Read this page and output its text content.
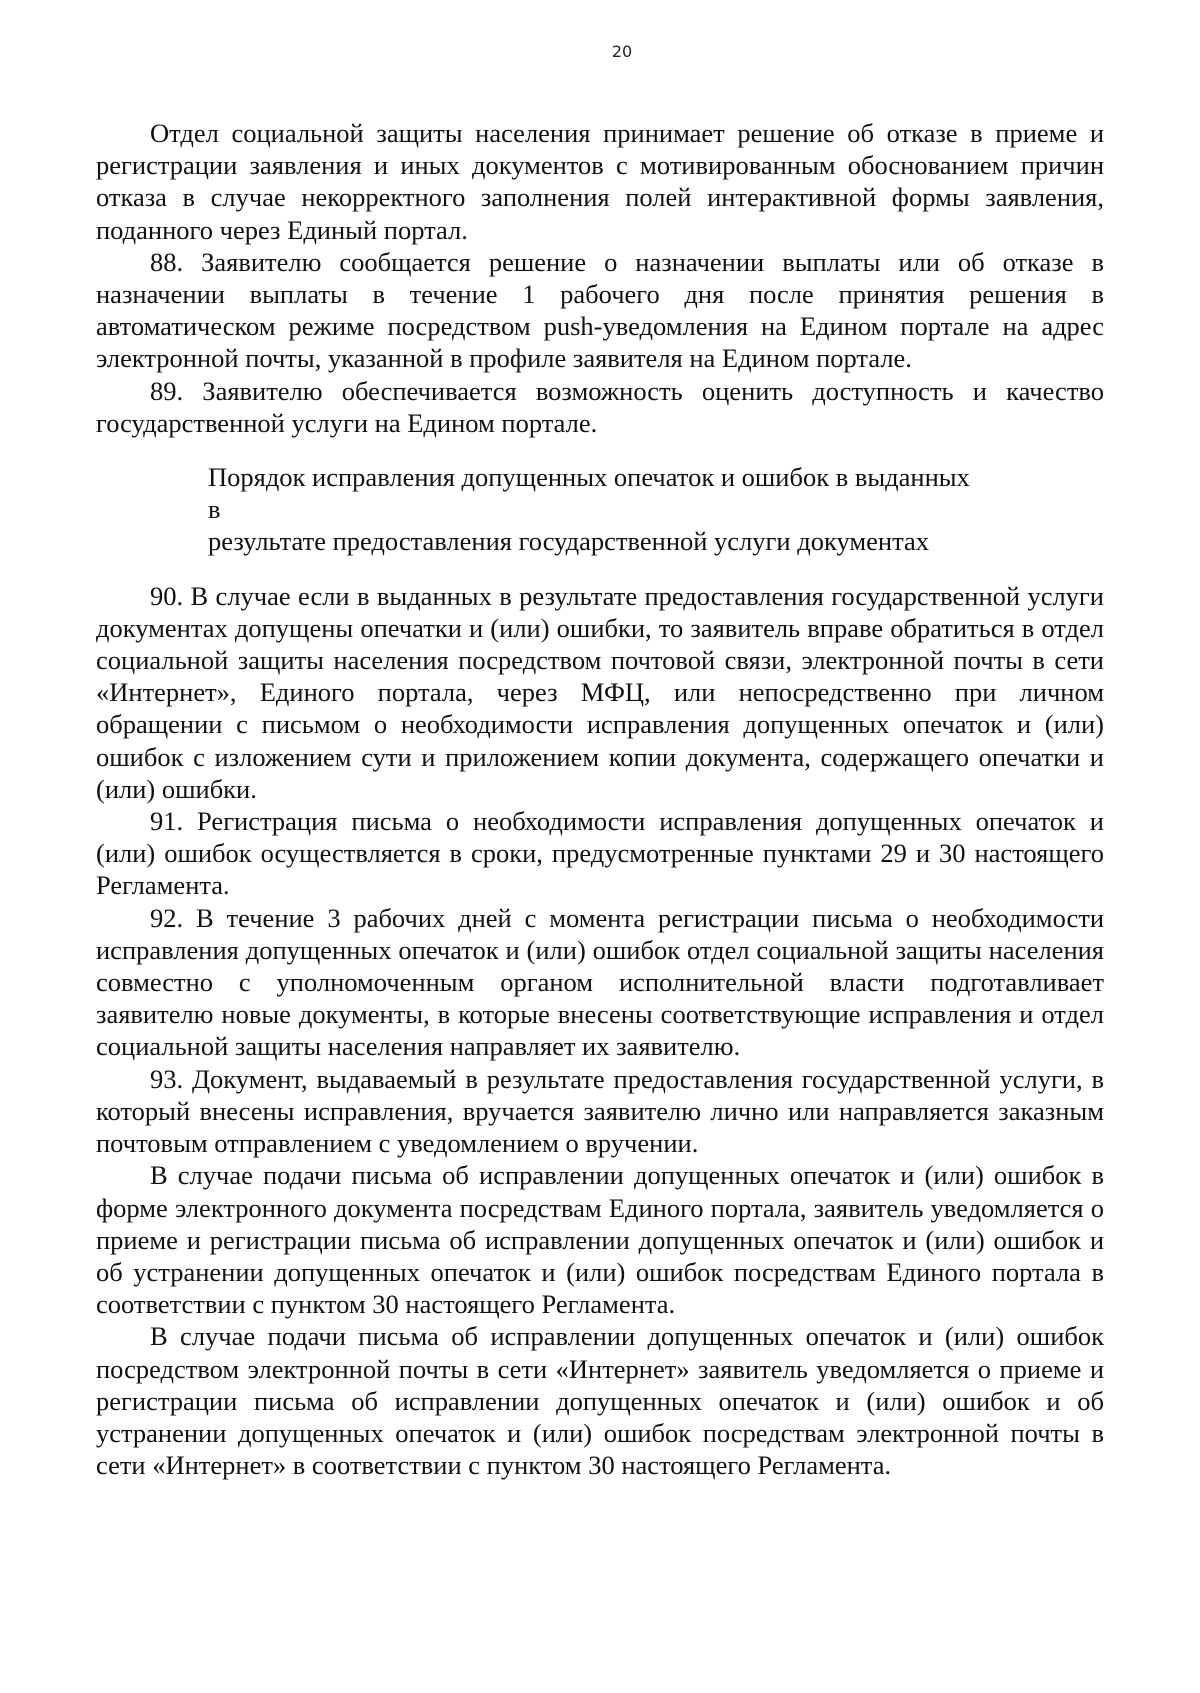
20

Отдел социальной защиты населения принимает решение об отказе в приеме и регистрации заявления и иных документов с мотивированным обоснованием причин отказа в случае некорректного заполнения полей интерактивной формы заявления, поданного через Единый портал.

88. Заявителю сообщается решение о назначении выплаты или об отказе в назначении выплаты в течение 1 рабочего дня после принятия решения в автоматическом режиме посредством push-уведомления на Едином портале на адрес электронной почты, указанной в профиле заявителя на Едином портале.

89. Заявителю обеспечивается возможность оценить доступность и качество государственной услуги на Едином портале.

Порядок исправления допущенных опечаток и ошибок в выданных в
результате предоставления государственной услуги документах

90. В случае если в выданных в результате предоставления государственной услуги документах допущены опечатки и (или) ошибки, то заявитель вправе обратиться в отдел социальной защиты населения посредством почтовой связи, электронной почты в сети «Интернет», Единого портала, через МФЦ, или непосредственно при личном обращении с письмом о необходимости исправления допущенных опечаток и (или) ошибок с изложением сути и приложением копии документа, содержащего опечатки и (или) ошибки.

91. Регистрация письма о необходимости исправления допущенных опечаток и (или) ошибок осуществляется в сроки, предусмотренные пунктами 29 и 30 настоящего Регламента.

92. В течение 3 рабочих дней с момента регистрации письма о необходимости исправления допущенных опечаток и (или) ошибок отдел социальной защиты населения совместно с уполномоченным органом исполнительной власти подготавливает заявителю новые документы, в которые внесены соответствующие исправления и отдел социальной защиты населения направляет их заявителю.

93. Документ, выдаваемый в результате предоставления государственной услуги, в который внесены исправления, вручается заявителю лично или направляется заказным почтовым отправлением с уведомлением о вручении.

В случае подачи письма об исправлении допущенных опечаток и (или) ошибок в форме электронного документа посредствам Единого портала, заявитель уведомляется о приеме и регистрации письма об исправлении допущенных опечаток и (или) ошибок и об устранении допущенных опечаток и (или) ошибок посредствам Единого портала в соответствии с пунктом 30 настоящего Регламента.

В случае подачи письма об исправлении допущенных опечаток и (или) ошибок посредством электронной почты в сети «Интернет» заявитель уведомляется о приеме и регистрации письма об исправлении допущенных опечаток и (или) ошибок и об устранении допущенных опечаток и (или) ошибок посредствам электронной почты в сети «Интернет» в соответствии с пунктом 30 настоящего Регламента.
